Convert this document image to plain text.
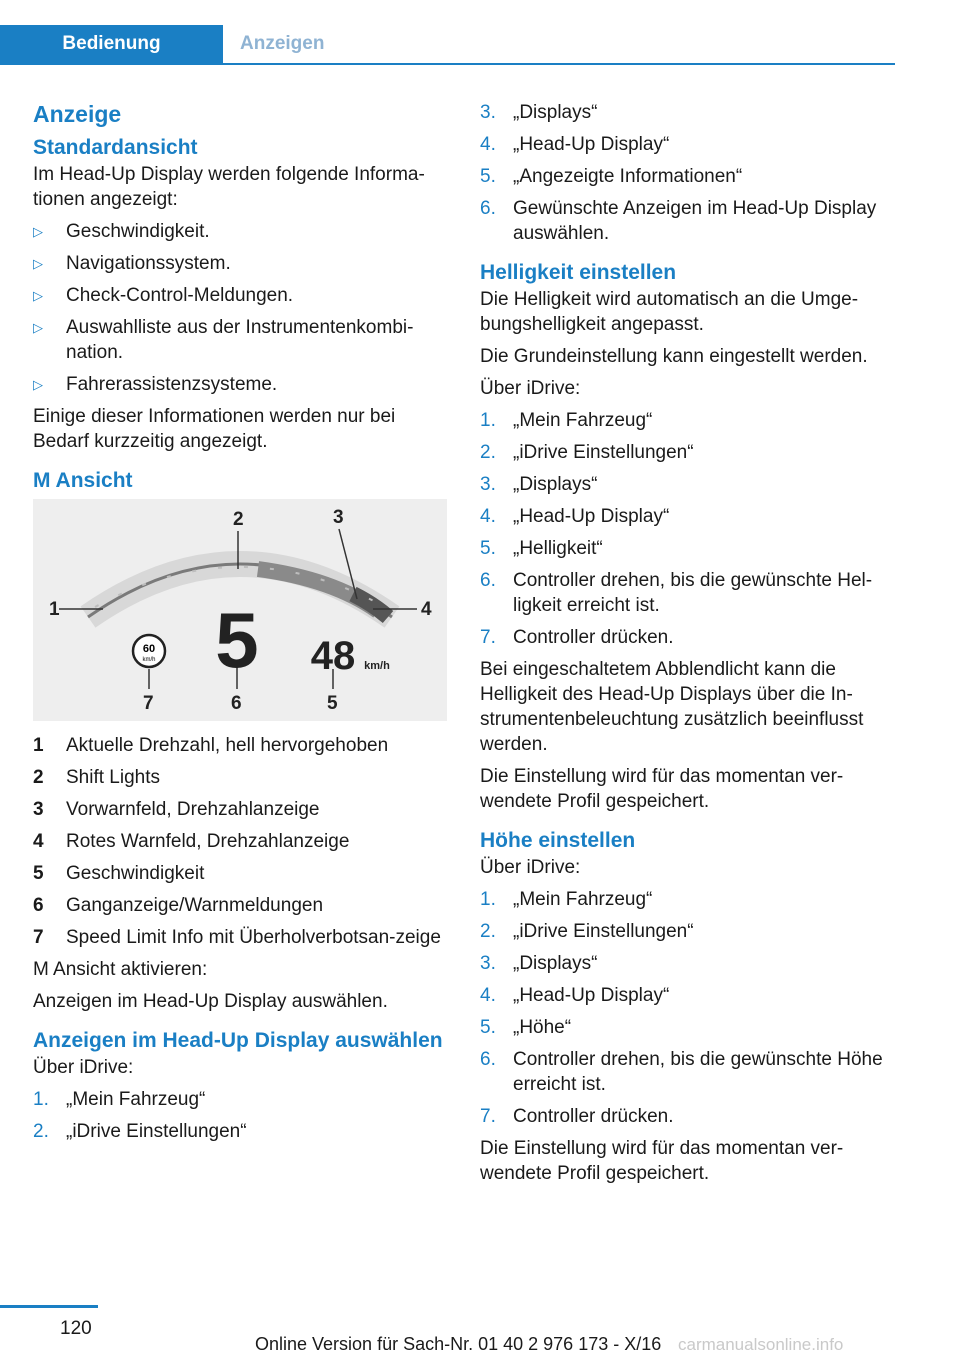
Bedienung	Anzeigen
Anzeige
Standardansicht

Im Head-Up Display werden folgende Informa-tionen angezeigt:

▷ Geschwindigkeit.
▷ Navigationssystem.
▷ Check-Control-Meldungen.
▷ Auswahlliste aus der Instrumentenkombi-nation.
▷ Fahrerassistenzsysteme.

Einige dieser Informationen werden nur bei Bedarf kurzzeitig angezeigt.

M Ansicht
60
km/h 5 48 km/h
1
2	3
4
5
6
7
1 Aktuelle Drehzahl, hell hervorgehoben
2 Shift Lights
3 Vorwarnfeld, Drehzahlanzeige
4 Rotes Warnfeld, Drehzahlanzeige
5 Geschwindigkeit
6 Ganganzeige/Warnmeldungen
7 Speed Limit Info mit Überholverbotsan-zeige

M Ansicht aktivieren:

Anzeigen im Head-Up Display auswählen.

Anzeigen im Head-Up Display auswählen

Über iDrive:

1. „Mein Fahrzeug“
2. „iDrive Einstellungen“
3. „Displays“
4. „Head-Up Display“
5. „Angezeigte Informationen“
6. Gewünschte Anzeigen im Head-Up Display auswählen.
Helligkeit einstellen

Die Helligkeit wird automatisch an die Umge-bungshelligkeit angepasst.

Die Grundeinstellung kann eingestellt werden.

Über iDrive:

1. „Mein Fahrzeug“
2. „iDrive Einstellungen“
3. „Displays“
4. „Head-Up Display“
5. „Helligkeit“
6. Controller drehen, bis die gewünschte Hel-ligkeit erreicht ist.
7. Controller drücken.

Bei eingeschaltetem Abblendlicht kann die Helligkeit des Head-Up Displays über die In-strumentenbeleuchtung zusätzlich beeinflusst werden.

Die Einstellung wird für das momentan ver-wendete Profil gespeichert.

Höhe einstellen

Über iDrive:

1. „Mein Fahrzeug“
2. „iDrive Einstellungen“
3. „Displays“
4. „Head-Up Display“
5. „Höhe“
6. Controller drehen, bis die gewünschte Höhe erreicht ist.
7. Controller drücken.

Die Einstellung wird für das momentan ver-wendete Profil gespeichert.

120
Online Version für Sach-Nr. 01 40 2 976 173 - X/16 carmanualsonline.info
